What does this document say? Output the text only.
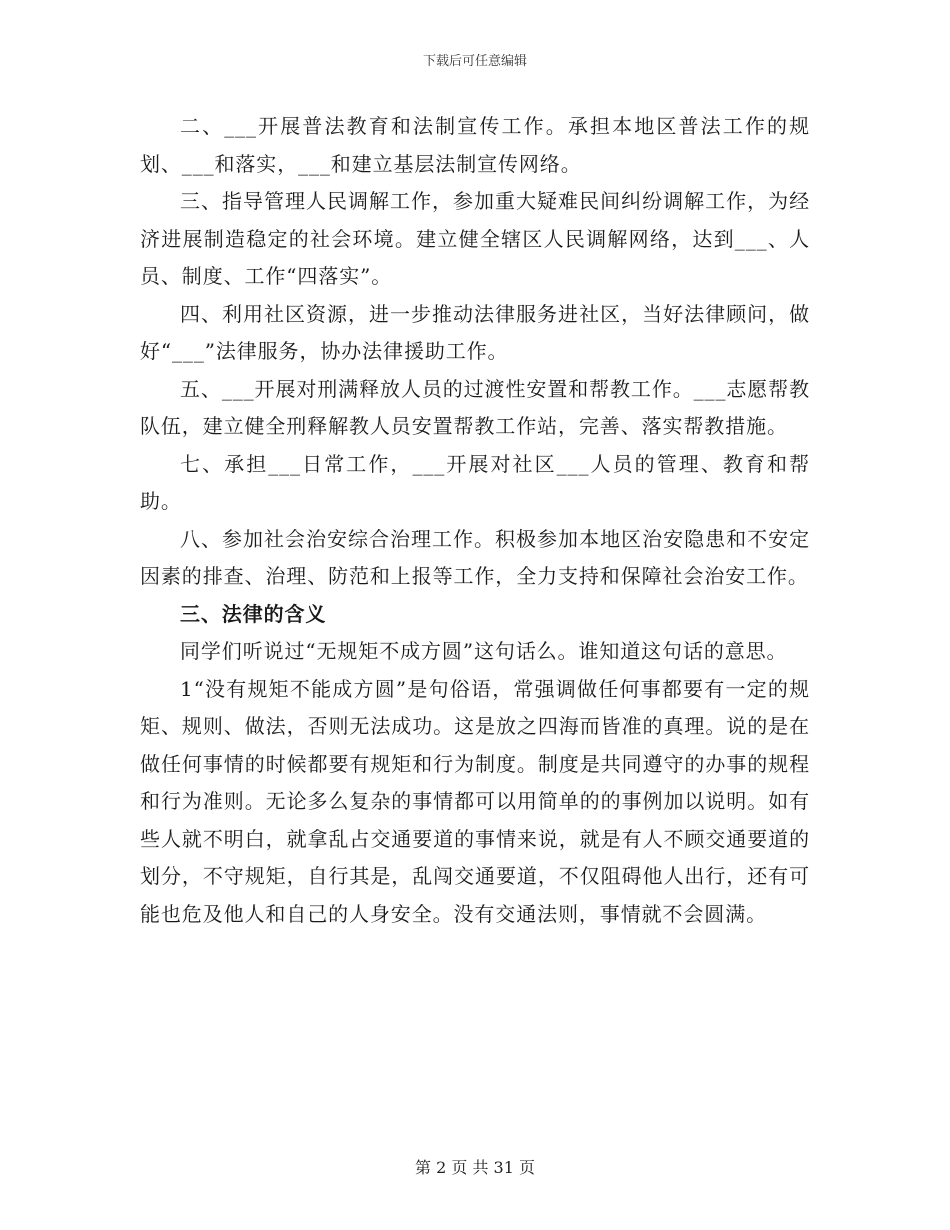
下载后可任意编辑

二、___开展普法教育和法制宣传工作。承担本地区普法工作的规划、___和落实，___和建立基层法制宣传网络。

三、指导管理人民调解工作，参加重大疑难民间纠纷调解工作，为经济进展制造稳定的社会环境。建立健全辖区人民调解网络，达到___、人员、制度、工作“四落实”。

四、利用社区资源，进一步推动法律服务进社区，当好法律顾问，做好“___”法律服务，协办法律援助工作。

五、___开展对刑满释放人员的过渡性安置和帮教工作。___志愿帮教队伍，建立健全刑释解教人员安置帮教工作站，完善、落实帮教措施。

七、承担___日常工作，___开展对社区___人员的管理、教育和帮助。

八、参加社会治安综合治理工作。积极参加本地区治安隐患和不安定因素的排查、治理、防范和上报等工作，全力支持和保障社会治安工作。

三、法律的含义

同学们听说过“无规矩不成方圆”这句话么。谁知道这句话的意思。

1“没有规矩不能成方圆”是句俗语，常强调做任何事都要有一定的规矩、规则、做法，否则无法成功。这是放之四海而皆准的真理。说的是在做任何事情的时候都要有规矩和行为制度。制度是共同遵守的办事的规程和行为准则。无论多么复杂的事情都可以用简单的的事例加以说明。如有些人就不明白，就拿乱占交通要道的事情来说，就是有人不顾交通要道的划分，不守规矩，自行其是，乱闯交通要道，不仅阻碍他人出行，还有可能也危及他人和自己的人身安全。没有交通法则，事情就不会圆满。

第 2 页 共 31 页
